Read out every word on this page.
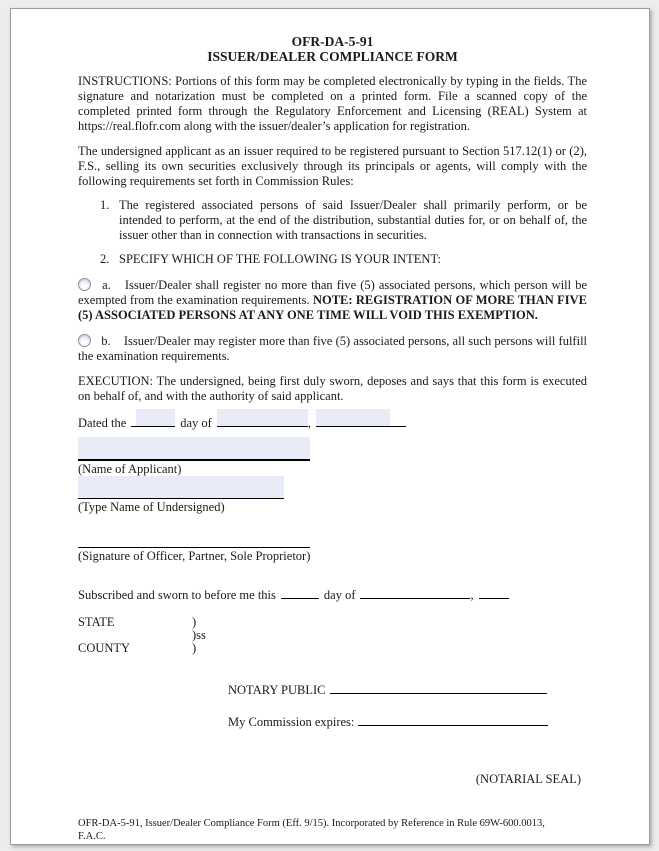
OFR-DA-5-91
ISSUER/DEALER COMPLIANCE FORM

INSTRUCTIONS: Portions of this form may be completed electronically by typing in the fields. The signature and notarization must be completed on a printed form. File a scanned copy of the completed printed form through the Regulatory Enforcement and Licensing (REAL) System at https://real.flofr.com along with the issuer/dealer’s application for registration.

The undersigned applicant as an issuer required to be registered pursuant to Section 517.12(1) or (2), F.S., selling its own securities exclusively through its principals or agents, will comply with the following requirements set forth in Commission Rules:

1. The registered associated persons of said Issuer/Dealer shall primarily perform, or be intended to perform, at the end of the distribution, substantial duties for, or on behalf of, the issuer other than in connection with transactions in securities.
2. SPECIFY WHICH OF THE FOLLOWING IS YOUR INTENT:

a. Issuer/Dealer shall register no more than five (5) associated persons, which person will be exempted from the examination requirements. NOTE: REGISTRATION OF MORE THAN FIVE (5) ASSOCIATED PERSONS AT ANY ONE TIME WILL VOID THIS EXEMPTION.

b. Issuer/Dealer may register more than five (5) associated persons, all such persons will fulfill the examination requirements.

EXECUTION: The undersigned, being first duly sworn, deposes and says that this form is executed on behalf of, and with the authority of said applicant.

Dated the	day of	,
(Name of Applicant)
(Type Name of Undersigned)
(Signature of Officer, Partner, Sole Proprietor)
Subscribed and sworn to before me this	day of	,
STATE	)
)ss
COUNTY	)
NOTARY PUBLIC
My Commission expires:
(NOTARIAL SEAL)
OFR-DA-5-91, Issuer/Dealer Compliance Form (Eff. 9/15). Incorporated by Reference in Rule 69W-600.0013,
F.A.C.
